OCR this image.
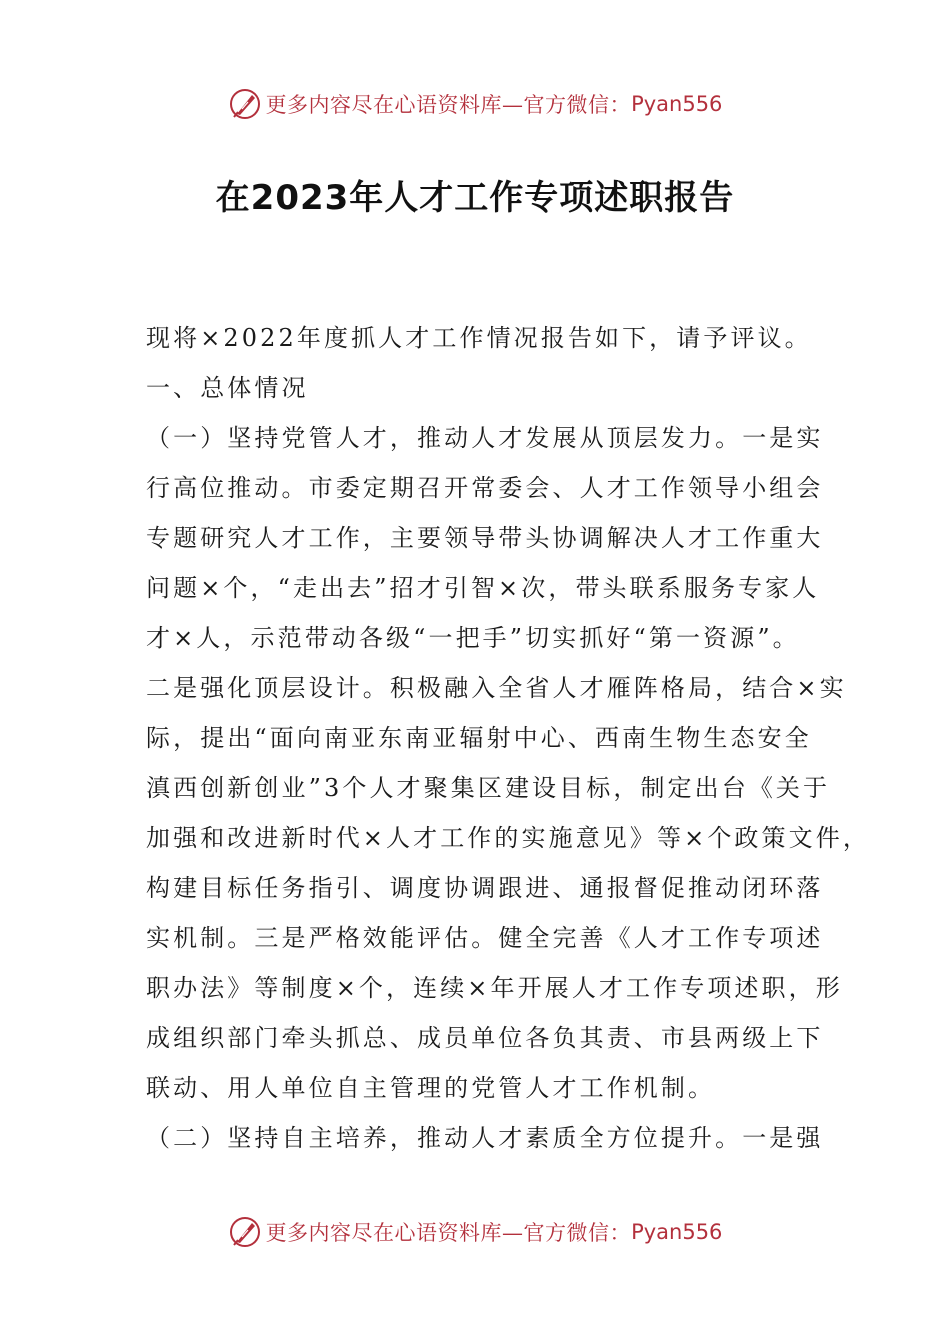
更多内容尽在心语资料库—官方微信： Pyan556
在2023年人才工作专项述职报告

现将×2022年度抓人才工作情况报告如下，请予评议。

一、总体情况

（一）坚持党管人才，推动人才发展从顶层发力。一是实

行高位推动。市委定期召开常委会、人才工作领导小组会

专题研究人才工作，主要领导带头协调解决人才工作重大

问题×个，“走出去”招才引智×次，带头联系服务专家人

才×人，示范带动各级“一把手”切实抓好“第一资源”。

二是强化顶层设计。积极融入全省人才雁阵格局，结合×实

际，提出“面向南亚东南亚辐射中心、西南生物生态安全

滇西创新创业”3个人才聚集区建设目标，制定出台《关于

加强和改进新时代×人才工作的实施意见》等×个政策文件，

构建目标任务指引、调度协调跟进、通报督促推动闭环落

实机制。三是严格效能评估。健全完善《人才工作专项述

职办法》等制度×个，连续×年开展人才工作专项述职，形

成组织部门牵头抓总、成员单位各负其责、市县两级上下

联动、用人单位自主管理的党管人才工作机制。

（二）坚持自主培养，推动人才素质全方位提升。一是强

更多内容尽在心语资料库—官方微信： Pyan556
